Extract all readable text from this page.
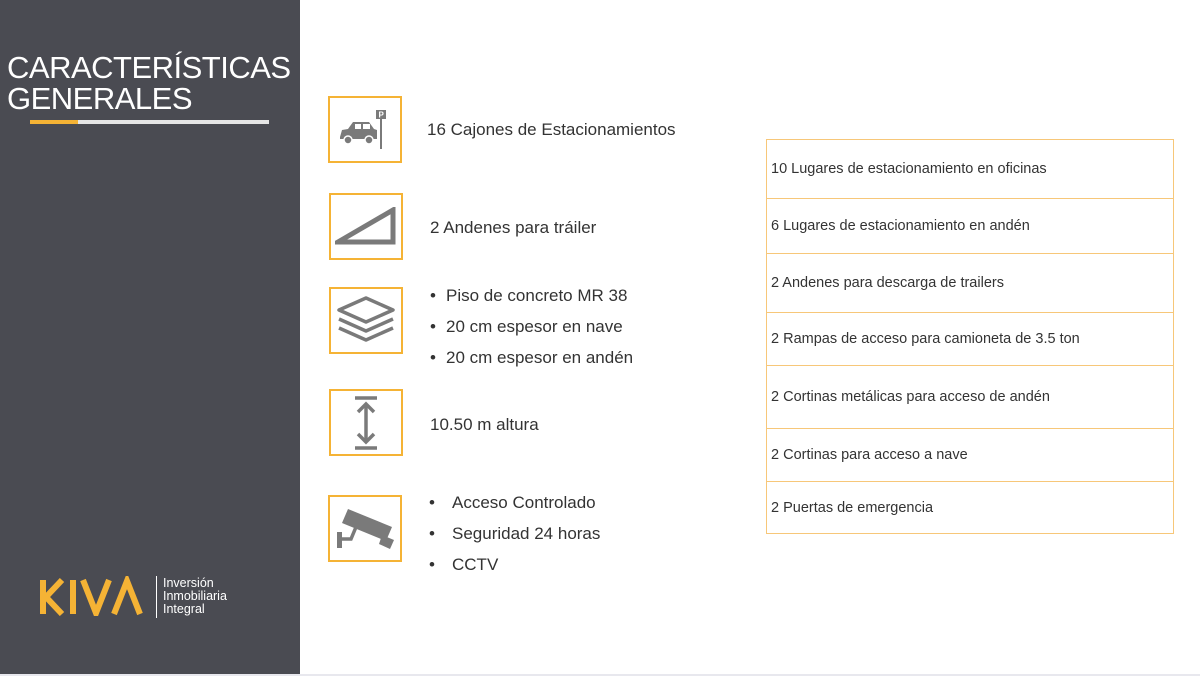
CARACTERÍSTICAS
GENERALES
Inversión
Inmobiliaria
Integral
P
16 Cajones de Estacionamientos
2 Andenes para tráiler
• Piso de concreto MR 38
• 20 cm espesor en nave
• 20 cm espesor en andén
10.50 m altura
• Acceso Controlado
• Seguridad 24 horas
• CCTV
10 Lugares de estacionamiento en oficinas
6 Lugares de estacionamiento en andén
2 Andenes para descarga de trailers
2 Rampas de acceso para camioneta de 3.5 ton
2 Cortinas metálicas para acceso de andén
2 Cortinas para acceso a nave
2 Puertas de emergencia
